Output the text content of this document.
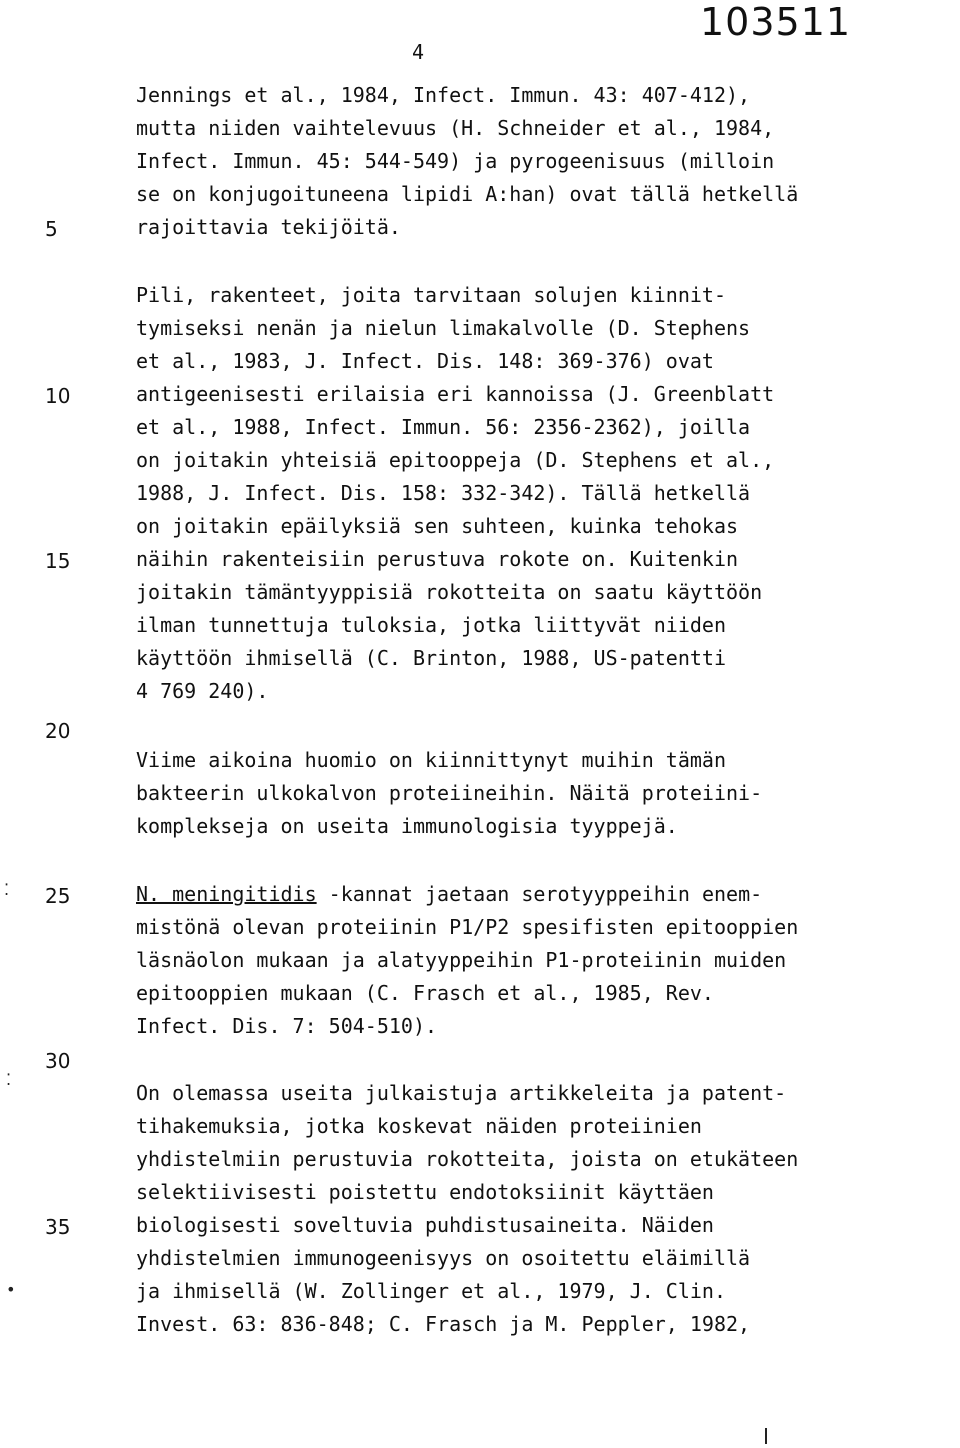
4
103511
Jennings et al., 1984, Infect. Immun. 43: 407-412),
mutta niiden vaihtelevuus (H. Schneider et al., 1984,
Infect. Immun. 45: 544-549) ja pyrogeenisuus (milloin
se on konjugoituneena lipidi A:han) ovat tällä hetkellä
rajoittavia tekijöitä.
Pili, rakenteet, joita tarvitaan solujen kiinnit-
tymiseksi nenän ja nielun limakalvolle (D. Stephens
et al., 1983, J. Infect. Dis. 148: 369-376) ovat
antigeenisesti erilaisia eri kannoissa (J. Greenblatt
et al., 1988, Infect. Immun. 56: 2356-2362), joilla
on joitakin yhteisiä epitooppeja (D. Stephens et al.,
1988, J. Infect. Dis. 158: 332-342). Tällä hetkellä
on joitakin epäilyksiä sen suhteen, kuinka tehokas
näihin rakenteisiin perustuva rokote on. Kuitenkin
joitakin tämäntyyppisiä rokotteita on saatu käyttöön
ilman tunnettuja tuloksia, jotka liittyvät niiden
käyttöön ihmisellä (C. Brinton, 1988, US-patentti
4 769 240).
Viime aikoina huomio on kiinnittynyt muihin tämän
bakteerin ulkokalvon proteiineihin. Näitä proteiini-
komplekseja on useita immunologisia tyyppejä.
N. meningitidis -kannat jaetaan serotyyppeihin enem-
mistönä olevan proteiinin P1/P2 spesifisten epitooppien
läsnäolon mukaan ja alatyyppeihin P1-proteiinin muiden
epitooppien mukaan (C. Frasch et al., 1985, Rev.
Infect. Dis. 7: 504-510).
On olemassa useita julkaistuja artikkeleita ja patent-
tihakemuksia, jotka koskevat näiden proteiinien
yhdistelmiin perustuvia rokotteita, joista on etukäteen
selektiivisesti poistettu endotoksiinit käyttäen
biologisesti soveltuvia puhdistusaineita. Näiden
yhdistelmien immunogeenisyys on osoitettu eläimillä
ja ihmisellä (W. Zollinger et al., 1979, J. Clin.
Invest. 63: 836-848; C. Frasch ja M. Peppler, 1982,
5
10
15
20
25
30
35
⁚
⁚
•
